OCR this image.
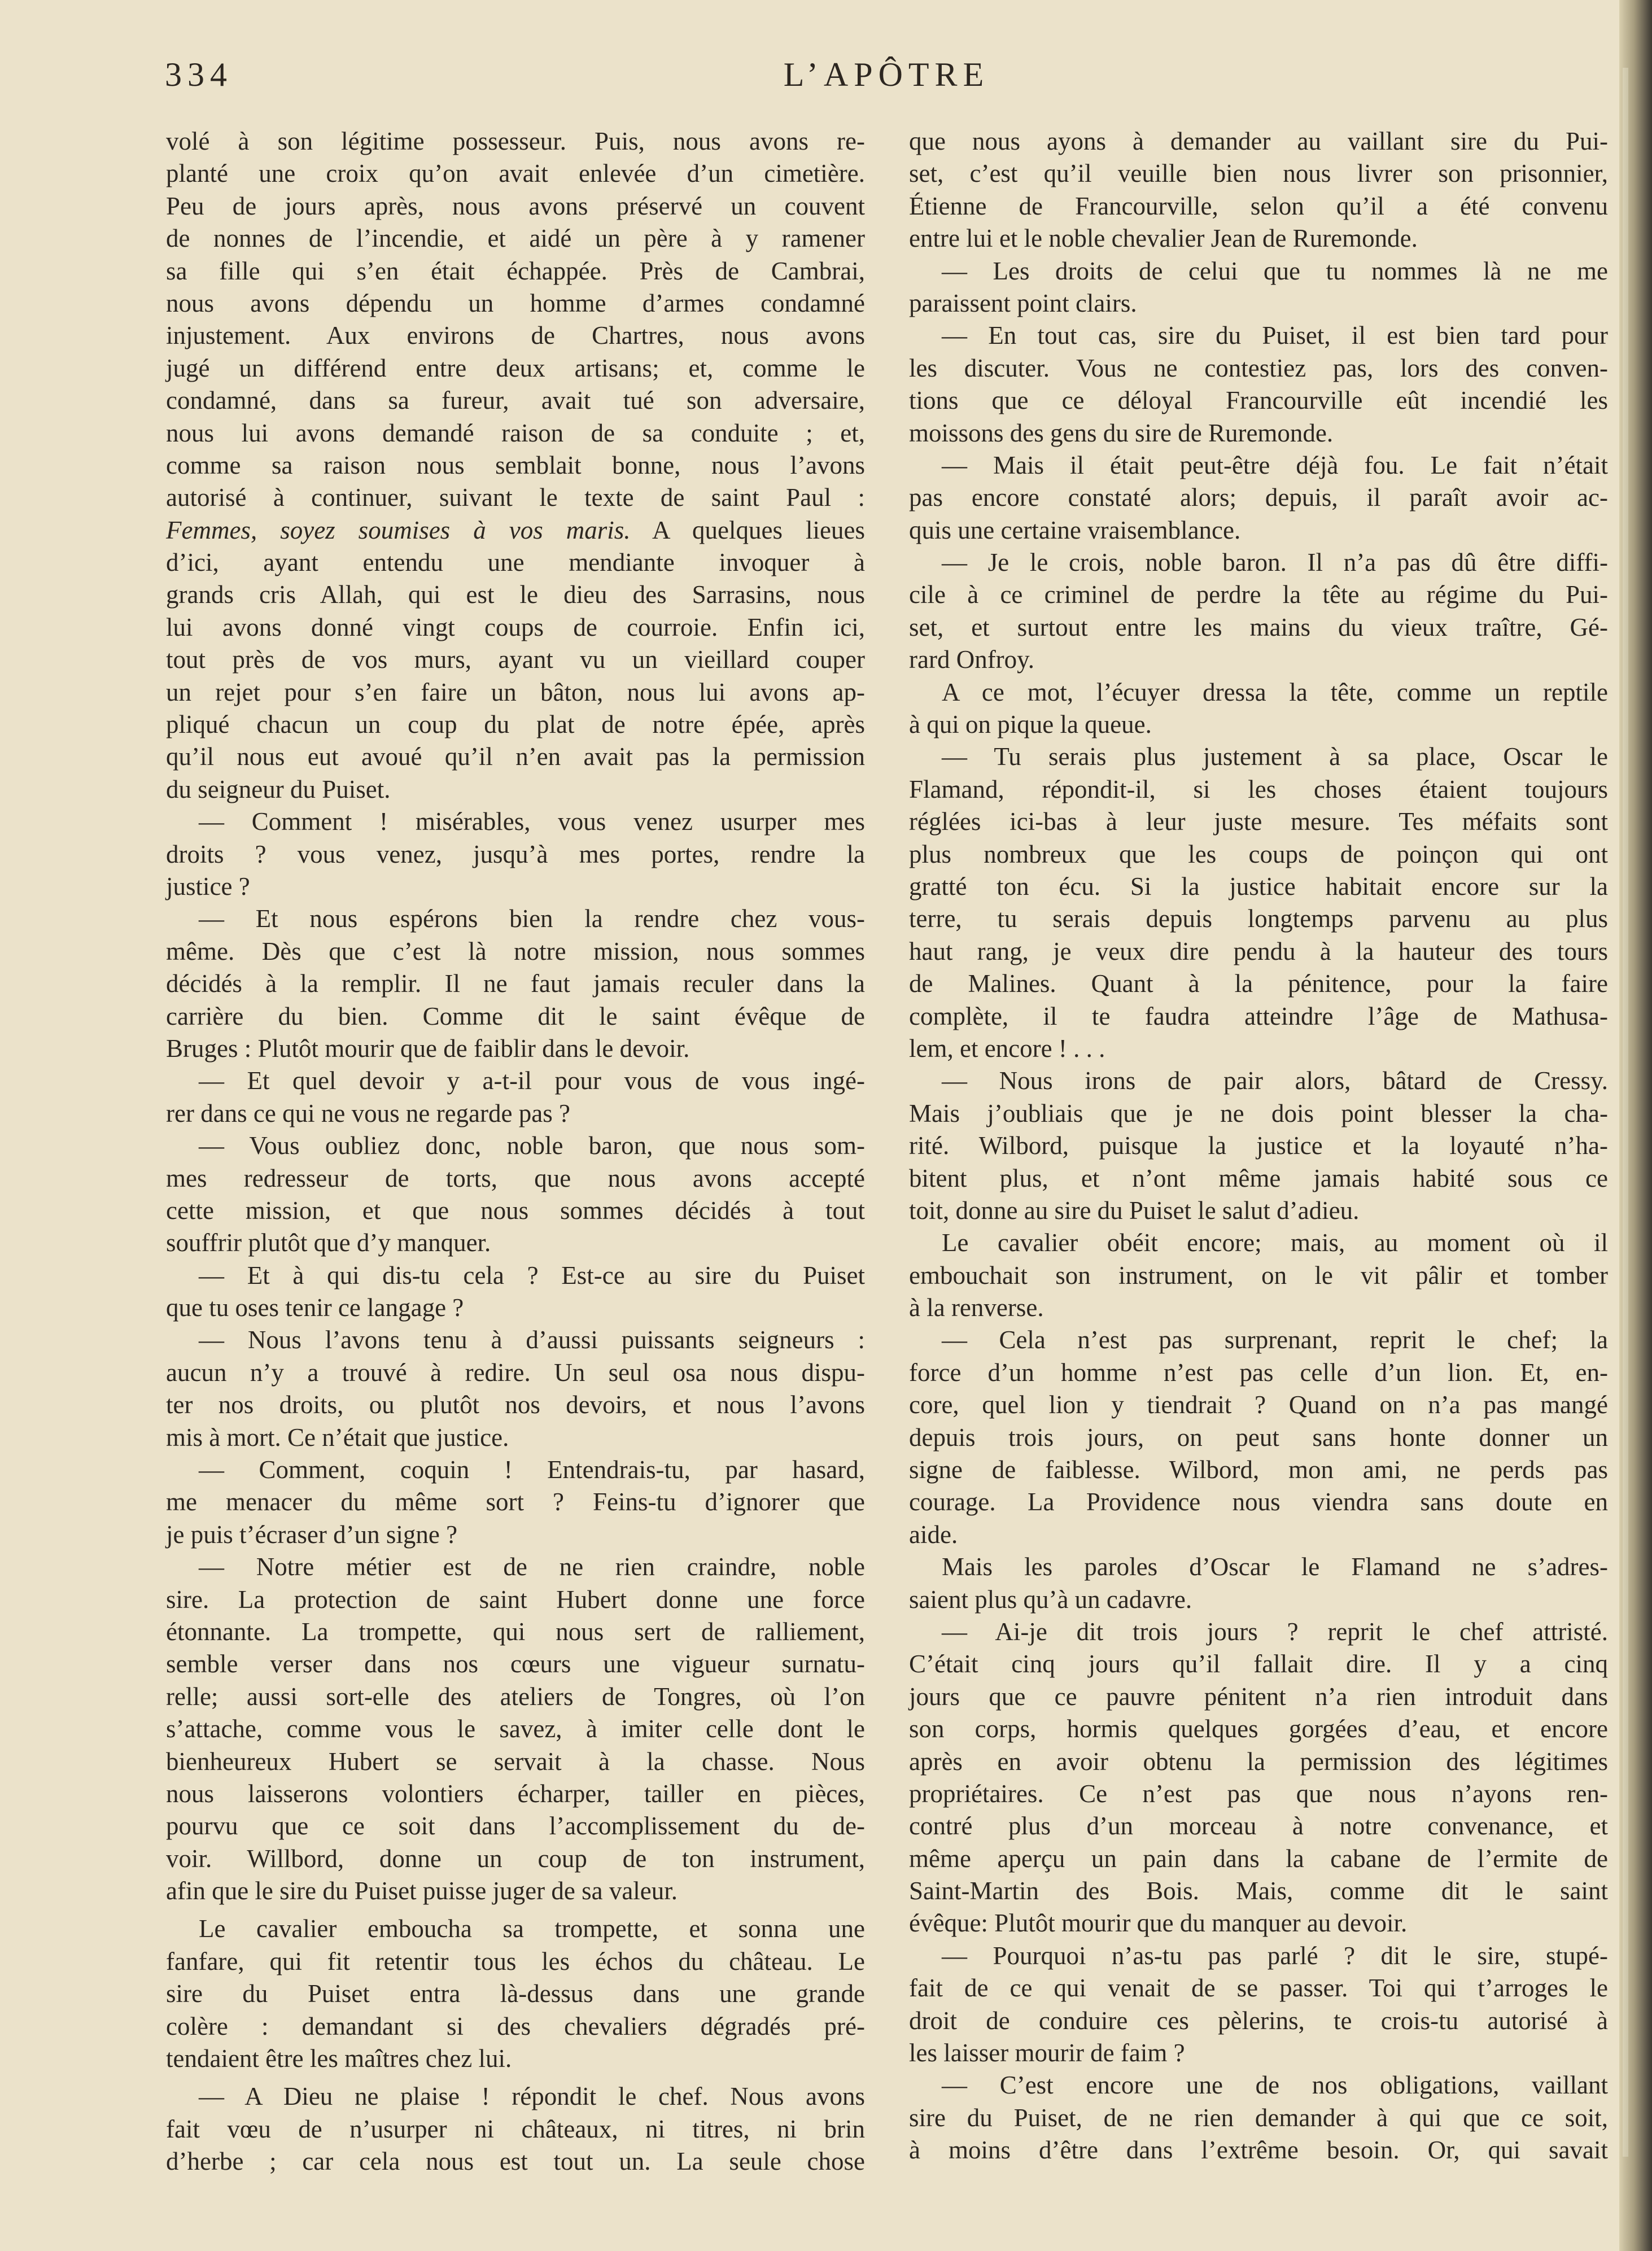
334	L’APÔTRE
volé à son légitime possesseur. Puis, nous avons re-
planté une croix qu’on avait enlevée d’un cimetière.
Peu de jours après, nous avons préservé un couvent
de nonnes de l’incendie, et aidé un père à y ramener
sa fille qui s’en était échappée. Près de Cambrai,
nous avons dépendu un homme d’armes condamné
injustement. Aux environs de Chartres, nous avons
jugé un différend entre deux artisans; et, comme le
condamné, dans sa fureur, avait tué son adversaire,
nous lui avons demandé raison de sa conduite ; et,
comme sa raison nous semblait bonne, nous l’avons
autorisé à continuer, suivant le texte de saint Paul :
Femmes, soyez soumises à vos maris. A quelques lieues
d’ici, ayant entendu une mendiante invoquer à
grands cris Allah, qui est le dieu des Sarrasins, nous
lui avons donné vingt coups de courroie. Enfin ici,
tout près de vos murs, ayant vu un vieillard couper
un rejet pour s’en faire un bâton, nous lui avons ap-
pliqué chacun un coup du plat de notre épée, après
qu’il nous eut avoué qu’il n’en avait pas la permission
du seigneur du Puiset.
— Comment ! misérables, vous venez usurper mes
droits ? vous venez, jusqu’à mes portes, rendre la
justice ?
— Et nous espérons bien la rendre chez vous-
même. Dès que c’est là notre mission, nous sommes
décidés à la remplir. Il ne faut jamais reculer dans la
carrière du bien. Comme dit le saint évêque de
Bruges : Plutôt mourir que de faiblir dans le devoir.
— Et quel devoir y a-t-il pour vous de vous ingé-
rer dans ce qui ne vous ne regarde pas ?
— Vous oubliez donc, noble baron, que nous som-
mes redresseur de torts, que nous avons accepté
cette mission, et que nous sommes décidés à tout
souffrir plutôt que d’y manquer.
— Et à qui dis-tu cela ? Est-ce au sire du Puiset
que tu oses tenir ce langage ?
— Nous l’avons tenu à d’aussi puissants seigneurs :
aucun n’y a trouvé à redire. Un seul osa nous dispu-
ter nos droits, ou plutôt nos devoirs, et nous l’avons
mis à mort. Ce n’était que justice.
— Comment, coquin ! Entendrais-tu, par hasard,
me menacer du même sort ? Feins-tu d’ignorer que
je puis t’écraser d’un signe ?
— Notre métier est de ne rien craindre, noble
sire. La protection de saint Hubert donne une force
étonnante. La trompette, qui nous sert de ralliement,
semble verser dans nos cœurs une vigueur surnatu-
relle; aussi sort-elle des ateliers de Tongres, où l’on
s’attache, comme vous le savez, à imiter celle dont le
bienheureux Hubert se servait à la chasse. Nous
nous laisserons volontiers écharper, tailler en pièces,
pourvu que ce soit dans l’accomplissement du de-
voir. Willbord, donne un coup de ton instrument,
afin que le sire du Puiset puisse juger de sa valeur.
Le cavalier emboucha sa trompette, et sonna une
fanfare, qui fit retentir tous les échos du château. Le
sire du Puiset entra là-dessus dans une grande
colère : demandant si des chevaliers dégradés pré-
tendaient être les maîtres chez lui.
— A Dieu ne plaise ! répondit le chef. Nous avons
fait vœu de n’usurper ni châteaux, ni titres, ni brin
d’herbe ; car cela nous est tout un. La seule chose
que nous ayons à demander au vaillant sire du Pui-
set, c’est qu’il veuille bien nous livrer son prisonnier,
Étienne de Francourville, selon qu’il a été convenu
entre lui et le noble chevalier Jean de Ruremonde.
— Les droits de celui que tu nommes là ne me
paraissent point clairs.
— En tout cas, sire du Puiset, il est bien tard pour
les discuter. Vous ne contestiez pas, lors des conven-
tions que ce déloyal Francourville eût incendié les
moissons des gens du sire de Ruremonde.
— Mais il était peut-être déjà fou. Le fait n’était
pas encore constaté alors; depuis, il paraît avoir ac-
quis une certaine vraisemblance.
— Je le crois, noble baron. Il n’a pas dû être diffi-
cile à ce criminel de perdre la tête au régime du Pui-
set, et surtout entre les mains du vieux traître, Gé-
rard Onfroy.
A ce mot, l’écuyer dressa la tête, comme un reptile
à qui on pique la queue.
— Tu serais plus justement à sa place, Oscar le
Flamand, répondit-il, si les choses étaient toujours
réglées ici-bas à leur juste mesure. Tes méfaits sont
plus nombreux que les coups de poinçon qui ont
gratté ton écu. Si la justice habitait encore sur la
terre, tu serais depuis longtemps parvenu au plus
haut rang, je veux dire pendu à la hauteur des tours
de Malines. Quant à la pénitence, pour la faire
complète, il te faudra atteindre l’âge de Mathusa-
lem, et encore ! . . .
— Nous irons de pair alors, bâtard de Cressy.
Mais j’oubliais que je ne dois point blesser la cha-
rité. Wilbord, puisque la justice et la loyauté n’ha-
bitent plus, et n’ont même jamais habité sous ce
toit, donne au sire du Puiset le salut d’adieu.
Le cavalier obéit encore; mais, au moment où il
embouchait son instrument, on le vit pâlir et tomber
à la renverse.
— Cela n’est pas surprenant, reprit le chef; la
force d’un homme n’est pas celle d’un lion. Et, en-
core, quel lion y tiendrait ? Quand on n’a pas mangé
depuis trois jours, on peut sans honte donner un
signe de faiblesse. Wilbord, mon ami, ne perds pas
courage. La Providence nous viendra sans doute en
aide.
Mais les paroles d’Oscar le Flamand ne s’adres-
saient plus qu’à un cadavre.
— Ai-je dit trois jours ? reprit le chef attristé.
C’était cinq jours qu’il fallait dire. Il y a cinq
jours que ce pauvre pénitent n’a rien introduit dans
son corps, hormis quelques gorgées d’eau, et encore
après en avoir obtenu la permission des légitimes
propriétaires. Ce n’est pas que nous n’ayons ren-
contré plus d’un morceau à notre convenance, et
même aperçu un pain dans la cabane de l’ermite de
Saint-Martin des Bois. Mais, comme dit le saint
évêque: Plutôt mourir que du manquer au devoir.
— Pourquoi n’as-tu pas parlé ? dit le sire, stupé-
fait de ce qui venait de se passer. Toi qui t’arroges le
droit de conduire ces pèlerins, te crois-tu autorisé à
les laisser mourir de faim ?
— C’est encore une de nos obligations, vaillant
sire du Puiset, de ne rien demander à qui que ce soit,
à moins d’être dans l’extrême besoin. Or, qui savait
